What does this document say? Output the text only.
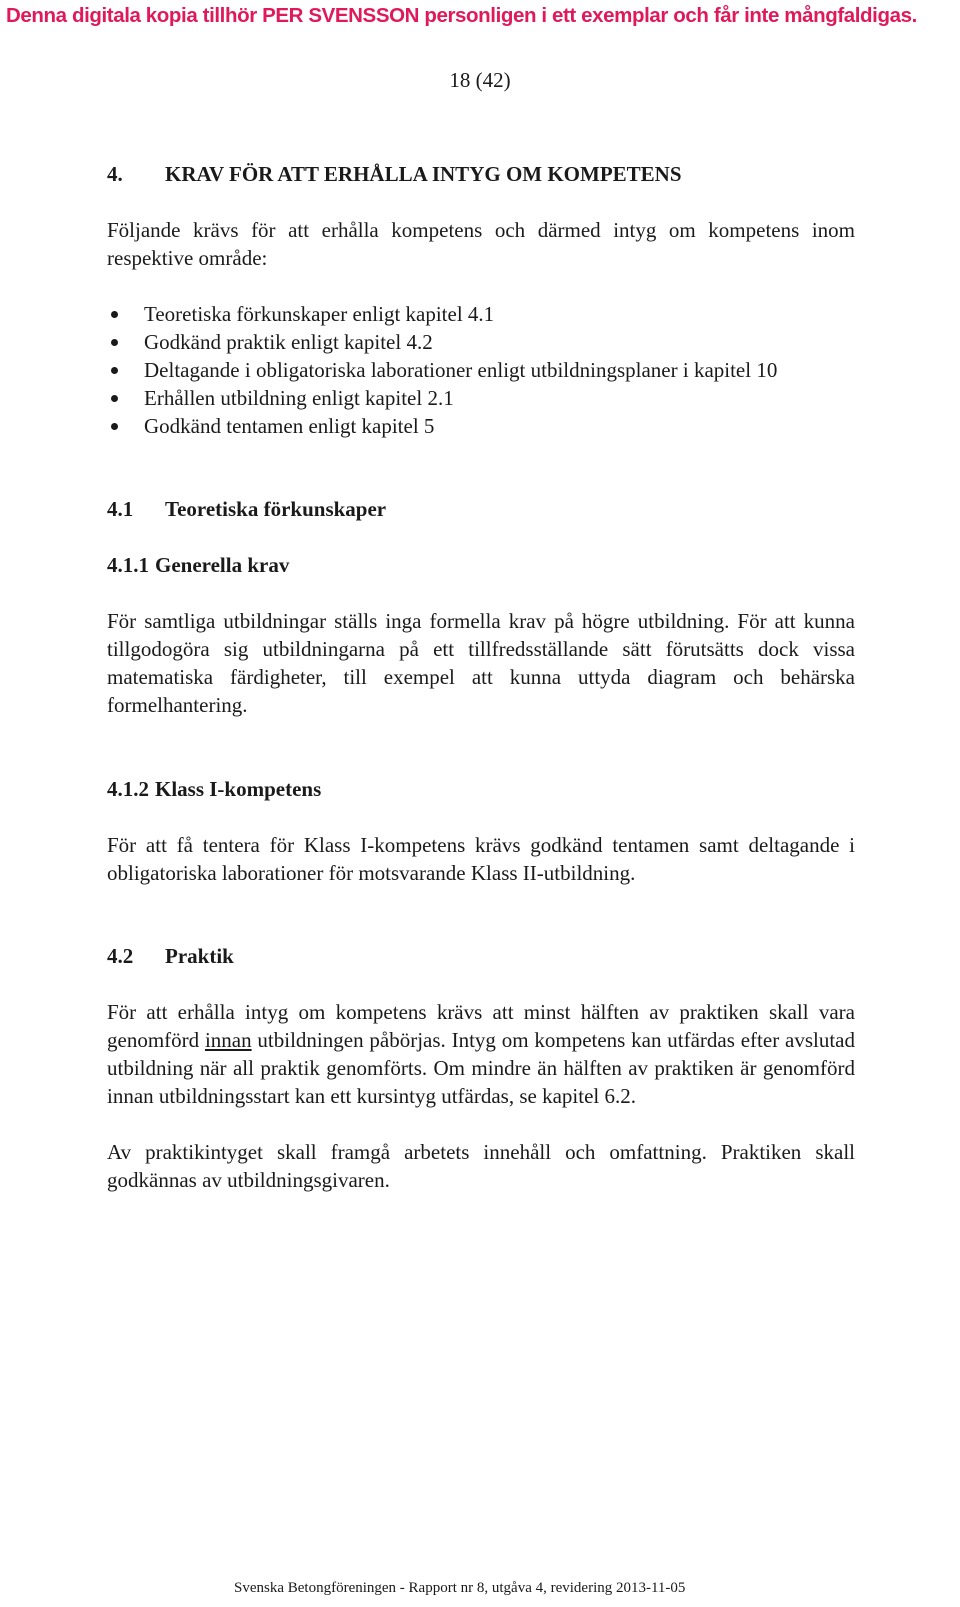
Denna digitala kopia tillhör PER SVENSSON personligen i ett exemplar och får inte mångfaldigas.
18 (42)
4.	KRAV FÖR ATT ERHÅLLA INTYG OM KOMPETENS

Följande krävs för att erhålla kompetens och därmed intyg om kompetens inom respektive område:

Teoretiska förkunskaper enligt kapitel 4.1
Godkänd praktik enligt kapitel 4.2
Deltagande i obligatoriska laborationer enligt utbildningsplaner i kapitel 10
Erhållen utbildning enligt kapitel 2.1
Godkänd tentamen enligt kapitel 5
4.1	Teoretiska förkunskaper
4.1.1 Generella krav

För samtliga utbildningar ställs inga formella krav på högre utbildning. För att kunna tillgodogöra sig utbildningarna på ett tillfredsställande sätt förutsätts dock vissa matematiska färdigheter, till exempel att kunna uttyda diagram och behärska formelhantering.

4.1.2 Klass I-kompetens

För att få tentera för Klass I-kompetens krävs godkänd tentamen samt deltagande i obligatoriska laborationer för motsvarande Klass II-utbildning.

4.2	Praktik

För att erhålla intyg om kompetens krävs att minst hälften av praktiken skall vara genomförd innan utbildningen påbörjas. Intyg om kompetens kan utfärdas efter avslutad utbildning när all praktik genomförts. Om mindre än hälften av praktiken är genomförd innan utbildningsstart kan ett kursintyg utfärdas, se kapitel 6.2.

Av praktikintyget skall framgå arbetets innehåll och omfattning. Praktiken skall godkännas av utbildningsgivaren.

Svenska Betongföreningen - Rapport nr 8, utgåva 4, revidering 2013-11-05
